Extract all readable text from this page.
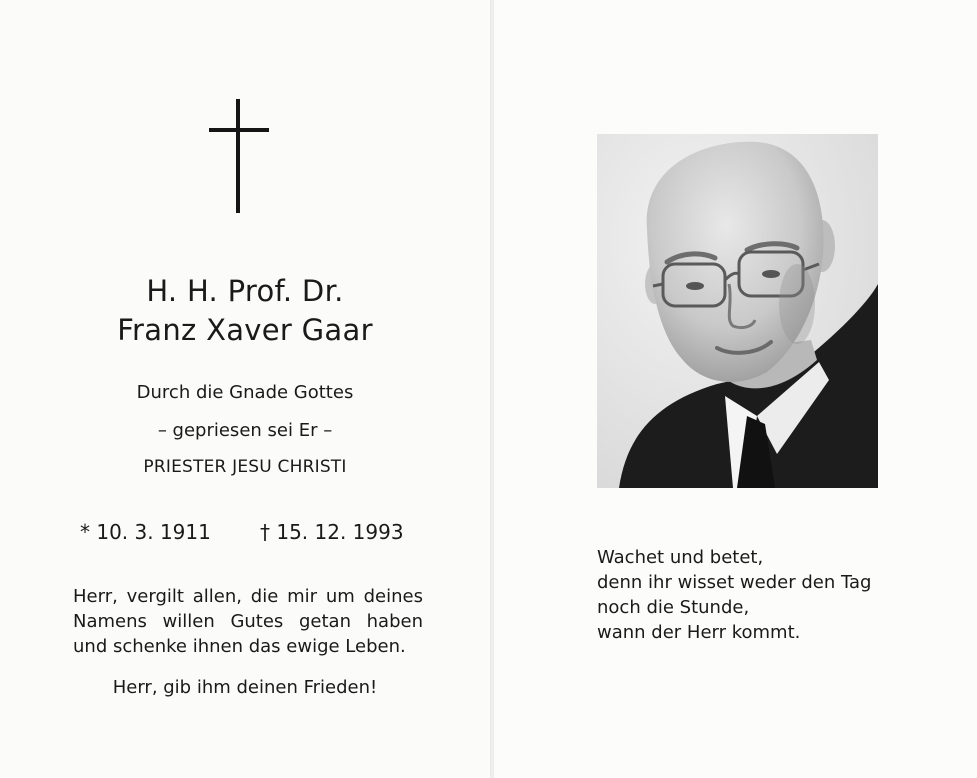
H. H. Prof. Dr.
Franz Xaver Gaar
Durch die Gnade Gottes
– gepriesen sei Er –
PRIESTER JESU CHRISTI
* 10. 3. 1911 † 15. 12. 1993
Herr, vergilt allen, die mir um deines
Namens willen Gutes getan haben
und schenke ihnen das ewige Leben.
Herr, gib ihm deinen Frieden!
Wachet und betet,
denn ihr wisset weder den Tag
noch die Stunde,
wann der Herr kommt.
